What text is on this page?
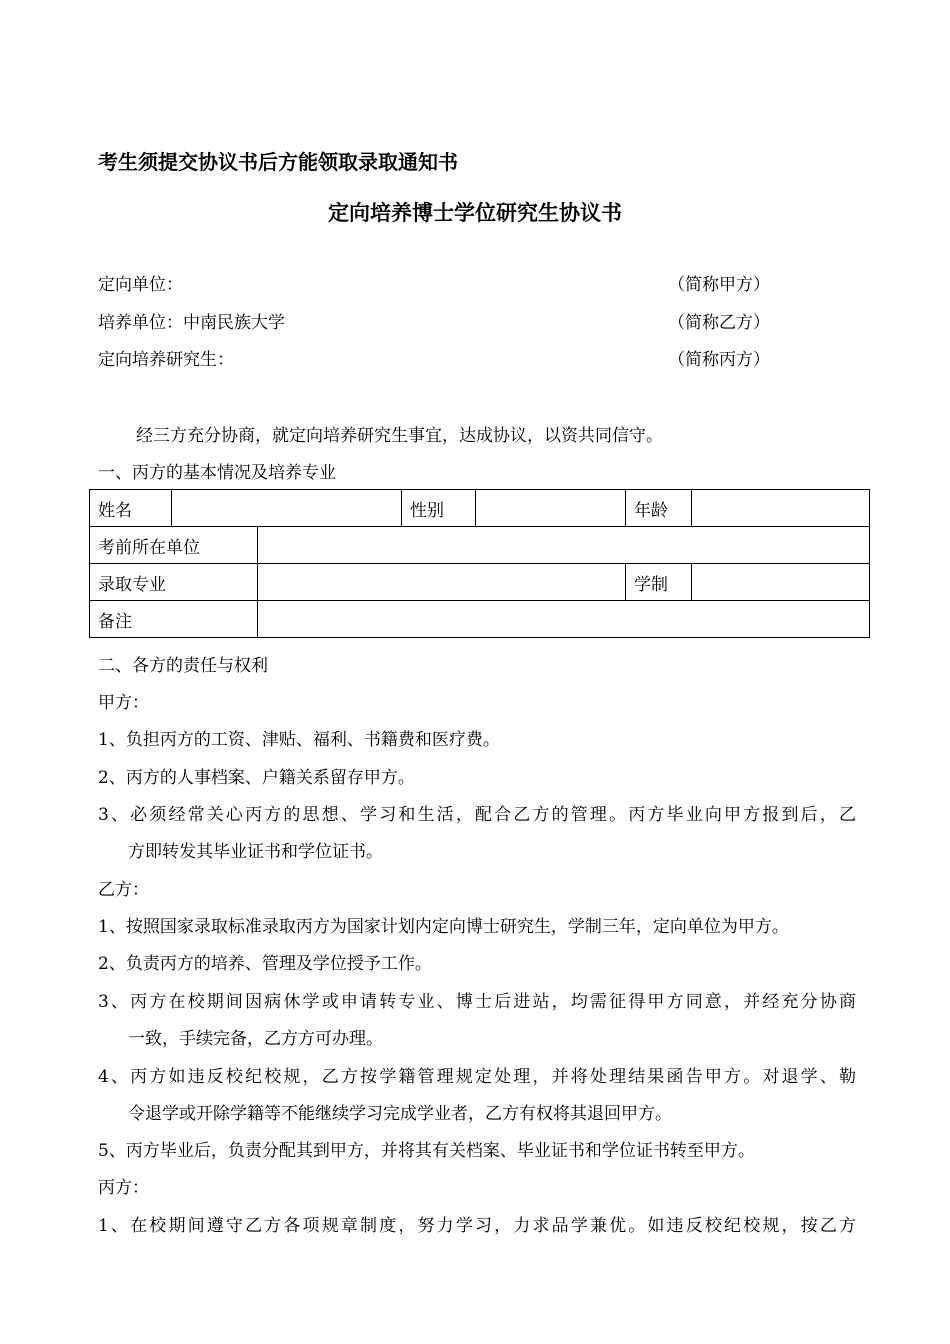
考生须提交协议书后方能领取录取通知书
定向培养博士学位研究生协议书
定向单位：	（简称甲方）
培养单位：中南民族大学	（简称乙方）
定向培养研究生：	（简称丙方）
经三方充分协商，就定向培养研究生事宜，达成协议，以资共同信守。
一、丙方的基本情况及培养专业
姓名			性别		年龄	
考前所在单位						
录取专业					学制	
备注						
二、各方的责任与权利
甲方：
1、负担丙方的工资、津贴、福利、书籍费和医疗费。
2、丙方的人事档案、户籍关系留存甲方。
3、必须经常关心丙方的思想、学习和生活，配合乙方的管理。丙方毕业向甲方报到后，乙
方即转发其毕业证书和学位证书。
乙方：
1、按照国家录取标准录取丙方为国家计划内定向博士研究生，学制三年，定向单位为甲方。
2、负责丙方的培养、管理及学位授予工作。
3、丙方在校期间因病休学或申请转专业、博士后进站，均需征得甲方同意，并经充分协商
一致，手续完备，乙方方可办理。
4、丙方如违反校纪校规，乙方按学籍管理规定处理，并将处理结果函告甲方。对退学、勒
令退学或开除学籍等不能继续学习完成学业者，乙方有权将其退回甲方。
5、丙方毕业后，负责分配其到甲方，并将其有关档案、毕业证书和学位证书转至甲方。
丙方：
1、在校期间遵守乙方各项规章制度，努力学习，力求品学兼优。如违反校纪校规，按乙方
